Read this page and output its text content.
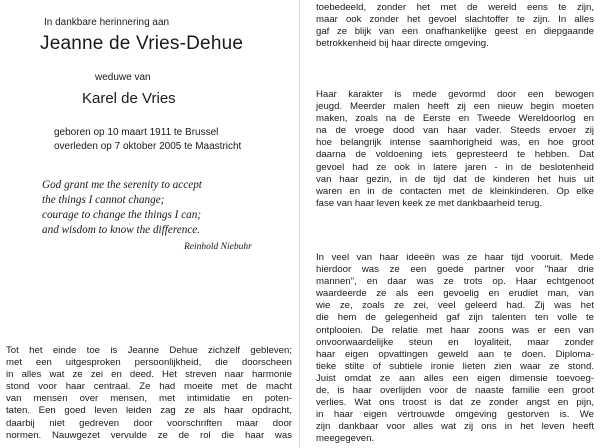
In dankbare herinnering aan
Jeanne de Vries-Dehue
weduwe van
Karel de Vries
geboren op 10 maart 1911 te Brussel
overleden op 7 oktober 2005 te Maastricht
God grant me the serenity to accept
the things I cannot change;
courage to change the things I can;
and wisdom to know the difference.
Reinhold Niebuhr
Tot het einde toe is Jeanne Dehue zichzelf gebleven;
met een uitgesproken persoonlijkheid, die doorscheen
in alles wat ze zei en deed. Het streven naar harmonie
stond voor haar centraal. Ze had moeite met de macht
van mensen over mensen, met intimidatie en poten-
taten. Een goed leven leiden zag ze als haar opdracht,
daarbij niet gedreven door voorschriften maar door
normen. Nauwgezet vervulde ze de rol die haar was
toebedeeld, zonder het met de wereld eens te zijn,
maar ook zonder het gevoel slachtoffer te zijn. In alles
gaf ze blijk van een onafhankelijke geest en diepgaande
betrokkenheid bij haar directe omgeving.
Haar karakter is mede gevormd door een bewogen
jeugd. Meerder malen heeft zij een nieuw begin moeten
maken, zoals na de Eerste en Tweede Wereldoorlog en
na de vroege dood van haar vader. Steeds ervoer zij
hoe belangrijk intense saamhorigheid was, en hoe groot
daarna de voldoening iets gepresteerd te hebben. Dat
gevoel had ze ook in latere jaren - in de beslotenheid
van haar gezin, in de tijd dat de kinderen het huis uit
waren en in de contacten met de kleinkinderen. Op elke
fase van haar leven keek ze met dankbaarheid terug.
In veel van haar ideeën was ze haar tijd vooruit. Mede
hierdoor was ze een goede partner voor "haar drie
mannen", en daar was ze trots op. Haar echtgenoot
waardeerde ze als een gevoelig en erudiet man, van
wie ze, zoals ze zei, veel geleerd had. Zij was het
die hem de gelegenheid gaf zijn talenten ten volle te
ontplooien. De relatie met haar zoons was er een van
onvoorwaardelijke steun en loyaliteit, maar zonder
haar eigen opvattingen geweld aan te doen. Diploma-
tieke stilte of subtiele ironie lieten zien waar ze stond.
Juist omdat ze aan alles een eigen dimensie toevoeg-
de, is haar overlijden voor de naaste familie een groot
verlies. Wat ons troost is dat ze zonder angst en pijn,
in haar eigen vertrouwde omgeving gestorven is. We
zijn dankbaar voor alles wat zij ons in het leven heeft
meegegeven.
